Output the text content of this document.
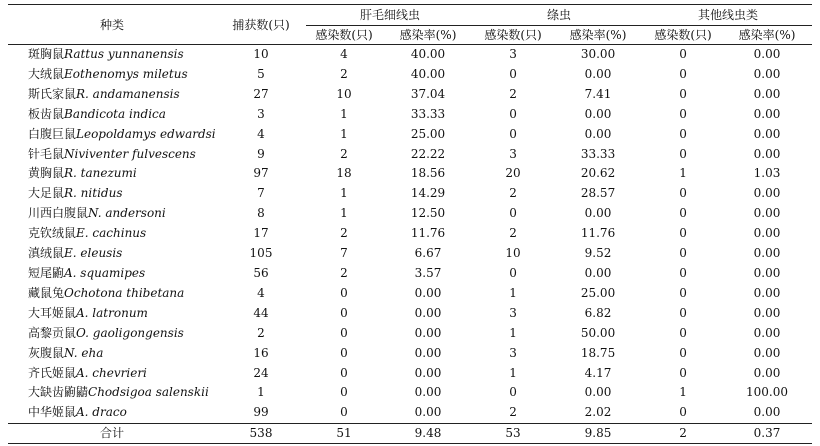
种类	捕获数(只)	肝毛细线虫		绦虫		其他线虫类	
		感染数(只)	感染率(%)	感染数(只)	感染率(%)	感染数(只)	感染率(%)
斑胸鼠Rattus yunnanensis	10	4	40.00	3	30.00	0	0.00
大绒鼠Eothenomys miletus	5	2	40.00	0	0.00	0	0.00
斯氏家鼠R. andamanensis	27	10	37.04	2	7.41	0	0.00
板齿鼠Bandicota indica	3	1	33.33	0	0.00	0	0.00
白腹巨鼠Leopoldamys edwardsi	4	1	25.00	0	0.00	0	0.00
针毛鼠Niviventer fulvescens	9	2	22.22	3	33.33	0	0.00
黄胸鼠R. tanezumi	97	18	18.56	20	20.62	1	1.03
大足鼠R. nitidus	7	1	14.29	2	28.57	0	0.00
川西白腹鼠N. andersoni	8	1	12.50	0	0.00	0	0.00
克钦绒鼠E. cachinus	17	2	11.76	2	11.76	0	0.00
滇绒鼠E. eleusis	105	7	6.67	10	9.52	0	0.00
短尾鼩A. squamipes	56	2	3.57	0	0.00	0	0.00
藏鼠兔Ochotona thibetana	4	0	0.00	1	25.00	0	0.00
大耳姬鼠A. latronum	44	0	0.00	3	6.82	0	0.00
高黎贡鼠O. gaoligongensis	2	0	0.00	1	50.00	0	0.00
灰腹鼠N. eha	16	0	0.00	3	18.75	0	0.00
齐氏姬鼠A. chevrieri	24	0	0.00	1	4.17	0	0.00
大缺齿鼩鼱Chodsigoa salenskii	1	0	0.00	0	0.00	1	100.00
中华姬鼠A. draco	99	0	0.00	2	2.02	0	0.00
合计	538	51	9.48	53	9.85	2	0.37
